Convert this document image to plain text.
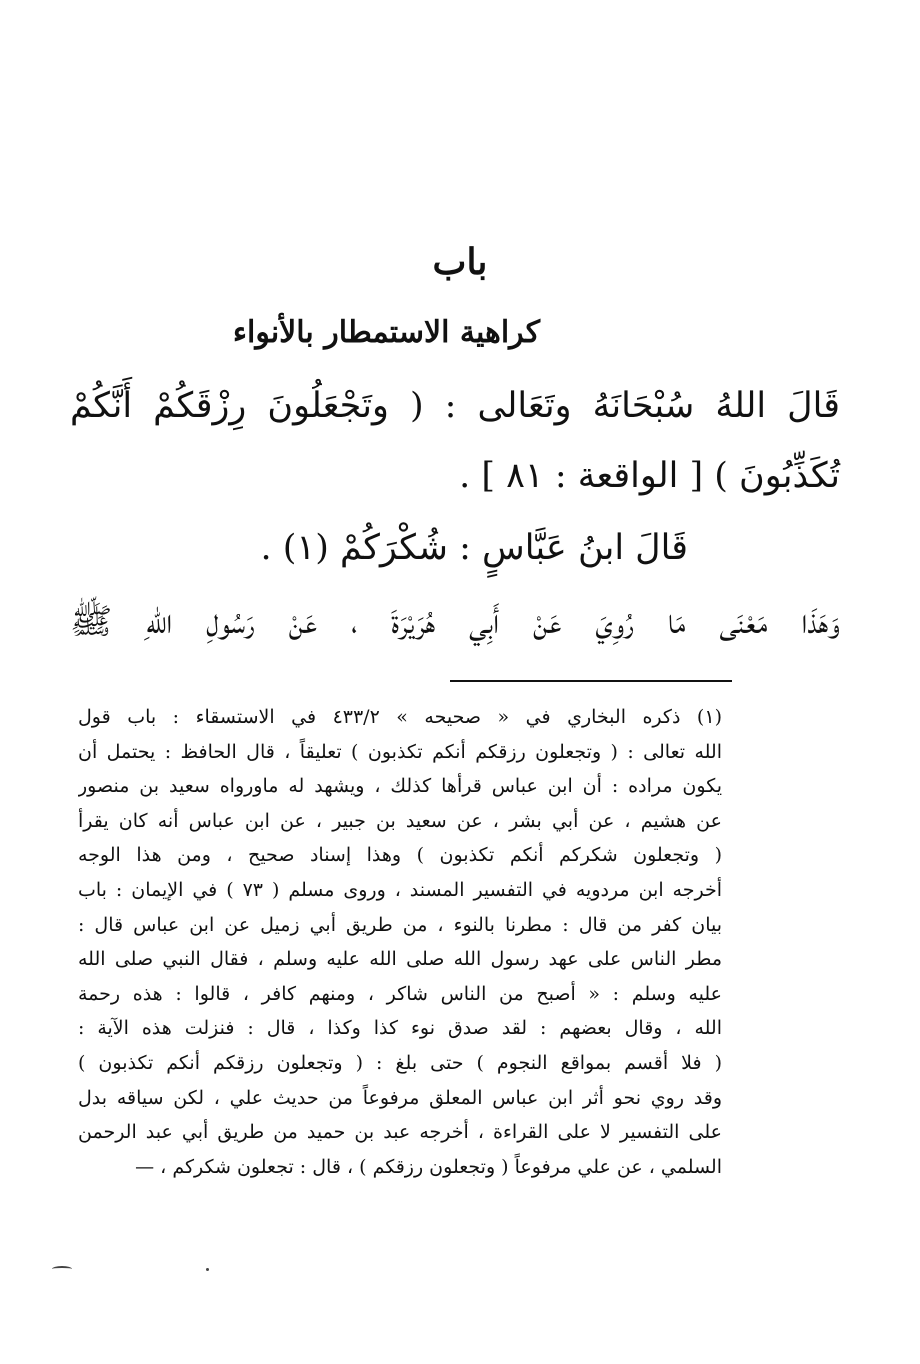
باب
كراهية الاستمطار بالأنواء
قَالَ اللهُ سُبْحَانَهُ وتَعَالى : ( وتَجْعَلُونَ رِزْقَكُمْ أَنَّكُمْ
تُكَذِّبُونَ ) [ الواقعة : ٨١ ] .
قَالَ ابنُ عَبَّاسٍ : شُكْرَكُمْ (١) .
وَهَذَا مَعْنَى مَا رُوِيَ عَنْ أَبِي هُرَيْرَةَ ، عَنْ رَسُولِ اللهِ ﷺ
(١) ذكره البخاري في « صحيحه » ٤٣٣/٢ في الاستسقاء : باب قول
الله تعالى : ( وتجعلون رزقكم أنكم تكذبون ) تعليقاً ، قال الحافظ : يحتمل أن
يكون مراده : أن ابن عباس قرأها كذلك ، ويشهد له ماورواه سعيد بن منصور
عن هشيم ، عن أبي بشر ، عن سعيد بن جبير ، عن ابن عباس أنه كان يقرأ
( وتجعلون شكركم أنكم تكذبون ) وهذا إسناد صحيح ، ومن هذا الوجه
أخرجه ابن مردويه في التفسير المسند ، وروى مسلم ( ٧٣ ) في الإيمان : باب
بيان كفر من قال : مطرنا بالنوء ، من طريق أبي زميل عن ابن عباس قال :
مطر الناس على عهد رسول الله صلى الله عليه وسلم ، فقال النبي صلى الله
عليه وسلم : « أصبح من الناس شاكر ، ومنهم كافر ، قالوا : هذه رحمة
الله ، وقال بعضهم : لقد صدق نوء كذا وكذا ، قال : فنزلت هذه الآية :
( فلا أقسم بمواقع النجوم ) حتى بلغ : ( وتجعلون رزقكم أنكم تكذبون )
وقد روي نحو أثر ابن عباس المعلق مرفوعاً من حديث علي ، لكن سياقه بدل
على التفسير لا على القراءة ، أخرجه عبد بن حميد من طريق أبي عبد الرحمن
السلمي ، عن علي مرفوعاً ( وتجعلون رزقكم ) ، قال : تجعلون شكركم ، —
